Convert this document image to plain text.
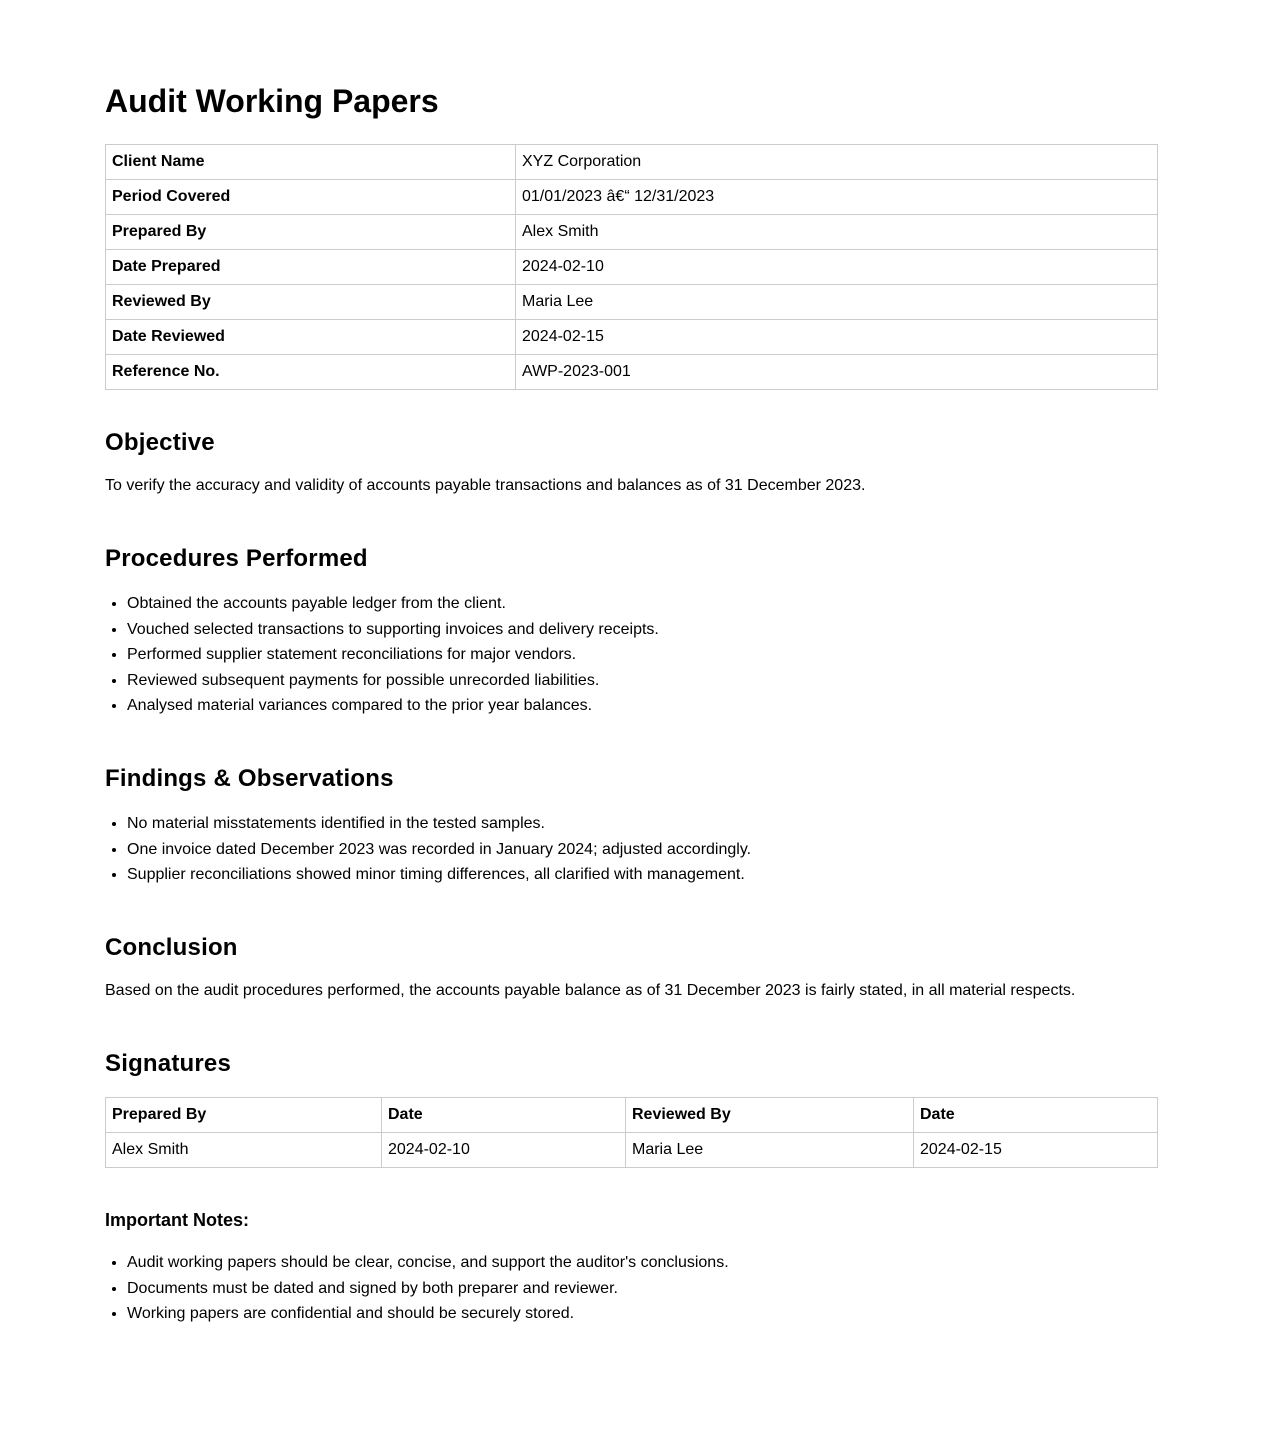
Audit Working Papers
Client Name	XYZ Corporation
Period Covered	01/01/2023 â€“ 12/31/2023
Prepared By	Alex Smith
Date Prepared	2024-02-10
Reviewed By	Maria Lee
Date Reviewed	2024-02-15
Reference No.	AWP-2023-001
Objective

To verify the accuracy and validity of accounts payable transactions and balances as of 31 December 2023.

Procedures Performed
• Obtained the accounts payable ledger from the client.
• Vouched selected transactions to supporting invoices and delivery receipts.
• Performed supplier statement reconciliations for major vendors.
• Reviewed subsequent payments for possible unrecorded liabilities.
• Analysed material variances compared to the prior year balances.
Findings & Observations
• No material misstatements identified in the tested samples.
• One invoice dated December 2023 was recorded in January 2024; adjusted accordingly.
• Supplier reconciliations showed minor timing differences, all clarified with management.
Conclusion

Based on the audit procedures performed, the accounts payable balance as of 31 December 2023 is fairly stated, in all material respects.

Signatures
Prepared By	Date	Reviewed By	Date
Alex Smith	2024-02-10	Maria Lee	2024-02-15
Important Notes:
• Audit working papers should be clear, concise, and support the auditor's conclusions.
• Documents must be dated and signed by both preparer and reviewer.
• Working papers are confidential and should be securely stored.
